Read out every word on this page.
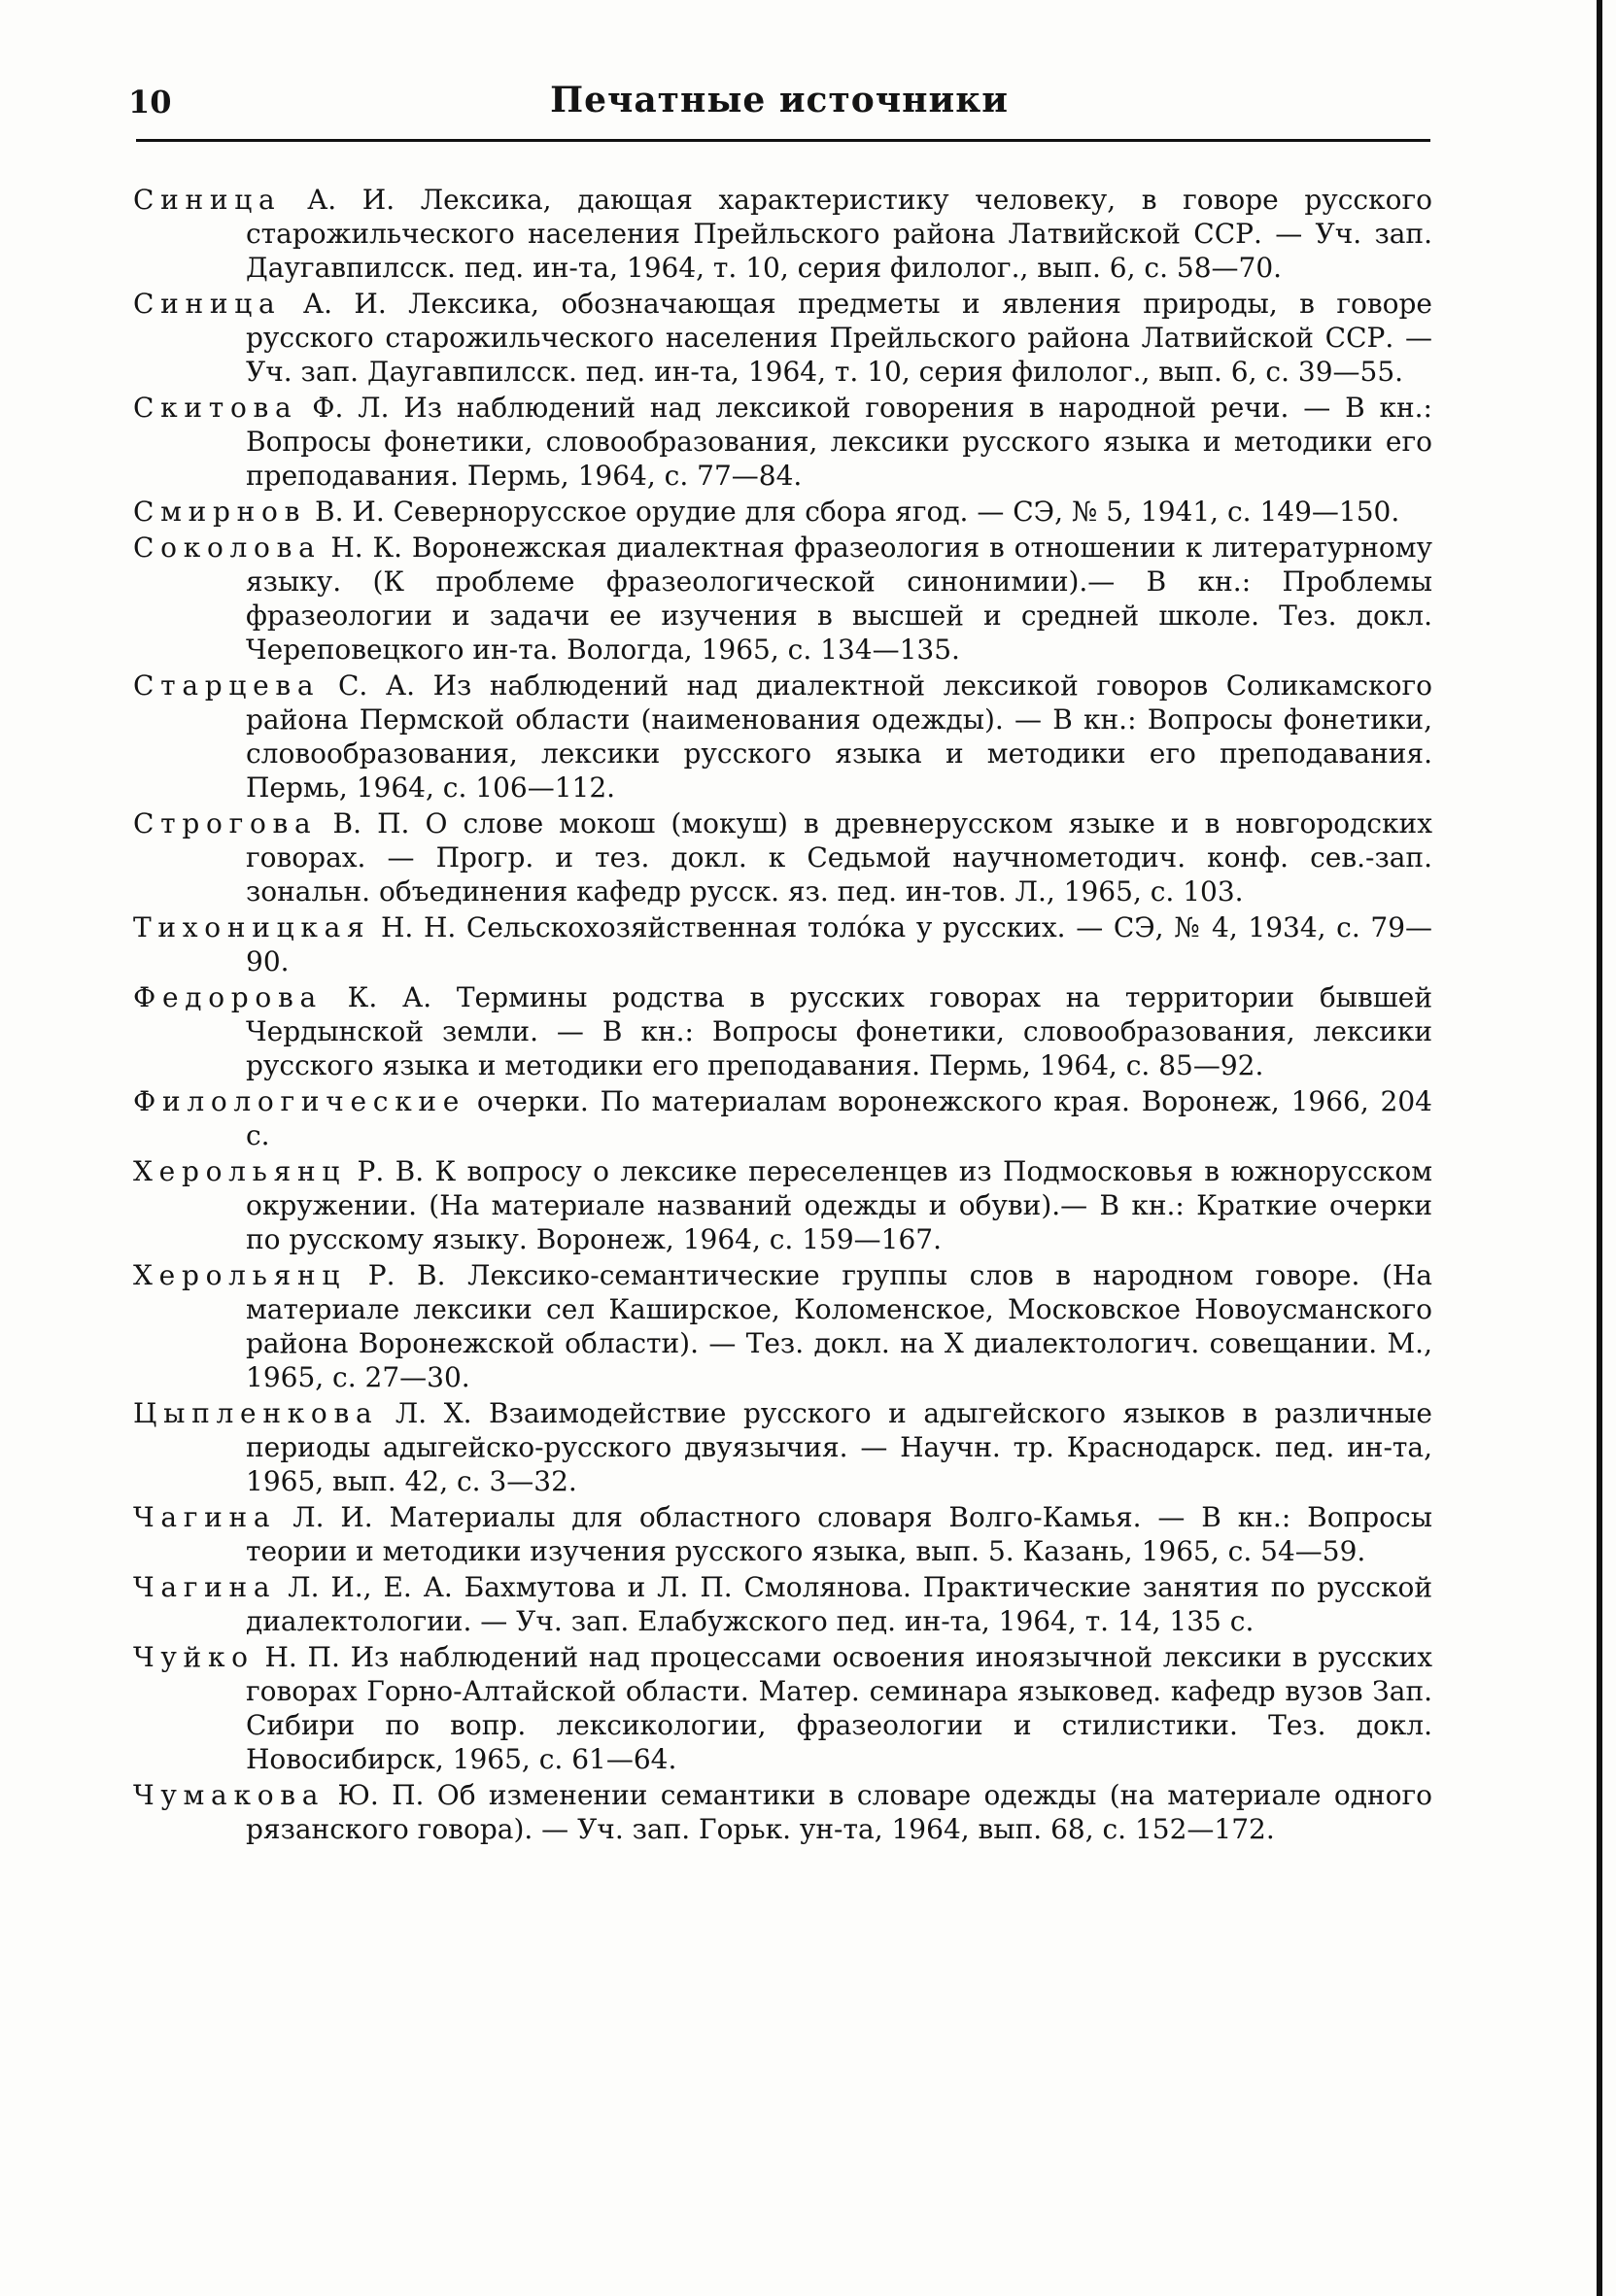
10	Печатные источники

Синица А. И. Лексика, дающая характеристику человеку, в говоре русского старожильческого населения Прейльского района Латвийской ССР. — Уч. зап. Даугавпилсск. пед. ин-та, 1964, т. 10, серия филолог., вып. 6, с. 58—70.

Синица А. И. Лексика, обозначающая предметы и явления природы, в говоре русского старожильческого населения Прейльского района Латвийской ССР. — Уч. зап. Даугавпилсск. пед. ин-та, 1964, т. 10, серия филолог., вып. 6, с. 39—55.

Скитова Ф. Л. Из наблюдений над лексикой говорения в народной речи. — В кн.: Вопросы фонетики, словообразования, лексики русского языка и методики его преподавания. Пермь, 1964, с. 77—84.

Смирнов В. И. Севернорусское орудие для сбора ягод. — СЭ, № 5, 1941, с. 149—150.

Соколова Н. К. Воронежская диалектная фразеология в отношении к литературному языку. (К проблеме фразеологической синонимии).— В кн.: Проблемы фразеологии и задачи ее изучения в высшей и средней школе. Тез. докл. Череповецкого ин-та. Вологда, 1965, с. 134—135.

Старцева С. А. Из наблюдений над диалектной лексикой говоров Соликамского района Пермской области (наименования одежды). — В кн.: Вопросы фонетики, словообразования, лексики русского языка и методики его преподавания. Пермь, 1964, с. 106—112.

Строгова В. П. О слове мокош (мокуш) в древнерусском языке и в новгородских говорах. — Прогр. и тез. докл. к Седьмой научнометодич. конф. сев.-зап. зональн. объединения кафедр русск. яз. пед. ин-тов. Л., 1965, с. 103.

Тихоницкая Н. Н. Сельскохозяйственная толóка у русских. — СЭ, № 4, 1934, с. 79—90.

Федорова К. А. Термины родства в русских говорах на территории бывшей Чердынской земли. — В кн.: Вопросы фонетики, словообразования, лексики русского языка и методики его преподавания. Пермь, 1964, с. 85—92.

Филологические очерки. По материалам воронежского края. Воронеж, 1966, 204 с.

Херольянц Р. В. К вопросу о лексике переселенцев из Подмосковья в южнорусском окружении. (На материале названий одежды и обуви).— В кн.: Краткие очерки по русскому языку. Воронеж, 1964, с. 159—167.

Херольянц Р. В. Лексико-семантические группы слов в народном говоре. (На материале лексики сел Каширское, Коломенское, Московское Новоусманского района Воронежской области). — Тез. докл. на X диалектологич. совещании. М., 1965, с. 27—30.

Цыпленкова Л. Х. Взаимодействие русского и адыгейского языков в различные периоды адыгейско-русского двуязычия. — Научн. тр. Краснодарск. пед. ин-та, 1965, вып. 42, с. 3—32.

Чагина Л. И. Материалы для областного словаря Волго-Камья. — В кн.: Вопросы теории и методики изучения русского языка, вып. 5. Казань, 1965, с. 54—59.

Чагина Л. И., Е. А. Бахмутова и Л. П. Смолянова. Практические занятия по русской диалектологии. — Уч. зап. Елабужского пед. ин-та, 1964, т. 14, 135 с.

Чуйко Н. П. Из наблюдений над процессами освоения иноязычной лексики в русских говорах Горно-Алтайской области. Матер. семинара языковед. кафедр вузов Зап. Сибири по вопр. лексикологии, фразеологии и стилистики. Тез. докл. Новосибирск, 1965, с. 61—64.

Чумакова Ю. П. Об изменении семантики в словаре одежды (на материале одного рязанского говора). — Уч. зап. Горьк. ун-та, 1964, вып. 68, с. 152—172.
